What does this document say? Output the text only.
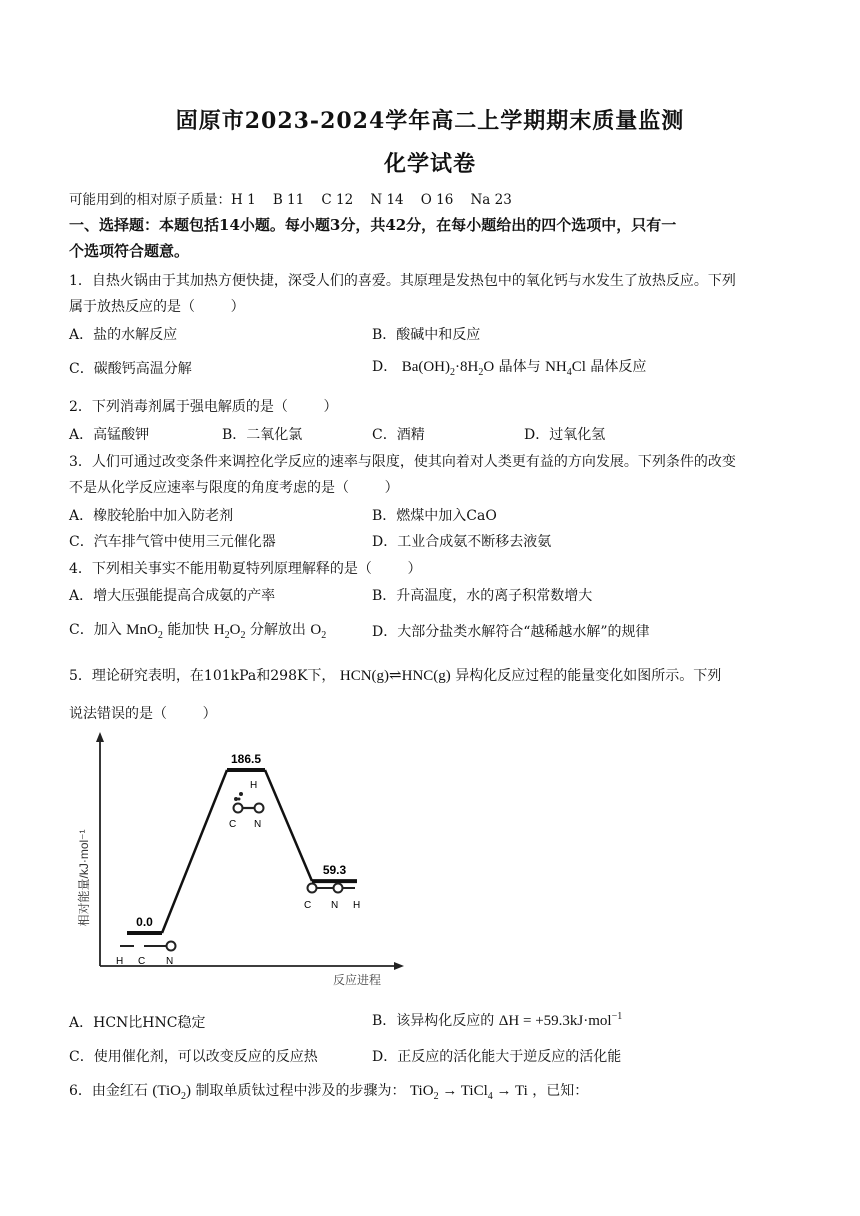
固原市2023-2024学年高二上学期期末质量监测
化学试卷
可能用到的相对原子质量：H 1    B 11    C 12    N 14    O 16    Na 23
一、选择题：本题包括14小题。每小题3分，共42分，在每小题给出的四个选项中，只有一
个选项符合题意。
1．自热火锅由于其加热方便快捷，深受人们的喜爱。其原理是发热包中的氧化钙与水发生了放热反应。下列
属于放热反应的是（        ）
A．盐的水解反应	B．酸碱中和反应
C．碳酸钙高温分解	D． $Ba(OH)_2\cdot 8H_2O$ 晶体与 $NH_4Cl$ 晶体反应
2．下列消毒剂属于强电解质的是（        ）
A．高锰酸钾	B．二氧化氯	C．酒精	D．过氧化氢
3．人们可通过改变条件来调控化学反应的速率与限度，使其向着对人类更有益的方向发展。下列条件的改变
不是从化学反应速率与限度的角度考虑的是（        ）
A．橡胶轮胎中加入防老剂	B．燃煤中加入CaO
C．汽车排气管中使用三元催化器	D．工业合成氨不断移去液氨
4．下列相关事实不能用勒夏特列原理解释的是（        ）
A．增大压强能提高合成氨的产率	B．升高温度，水的离子积常数增大
C．加入 MnO$_2$ 能加快 $H_2O_2$ 分解放出 $O_2$	D．大部分盐类水解符合“越稀越水解”的规律
5．理论研究表明，在101kPa和298K下， HCN(g)⇌HNC(g) 异构化反应过程的能量变化如图所示。下列
说法错误的是（        ）
相对能量/kJ·mol⁻¹
反应进程
0.0
186.5
59.3
H C N
H
C N
C N H
A．HCN比HNC稳定	B．该异构化反应的 ΔH = +59.3kJ·mol$^{-1}$
C．使用催化剂，可以改变反应的反应热	D．正反应的活化能大于逆反应的活化能
6．由金红石 (TiO$_2$) 制取单质钛过程中涉及的步骤为： TiO$_2$ → TiCl$_4$ → Ti ，已知：
